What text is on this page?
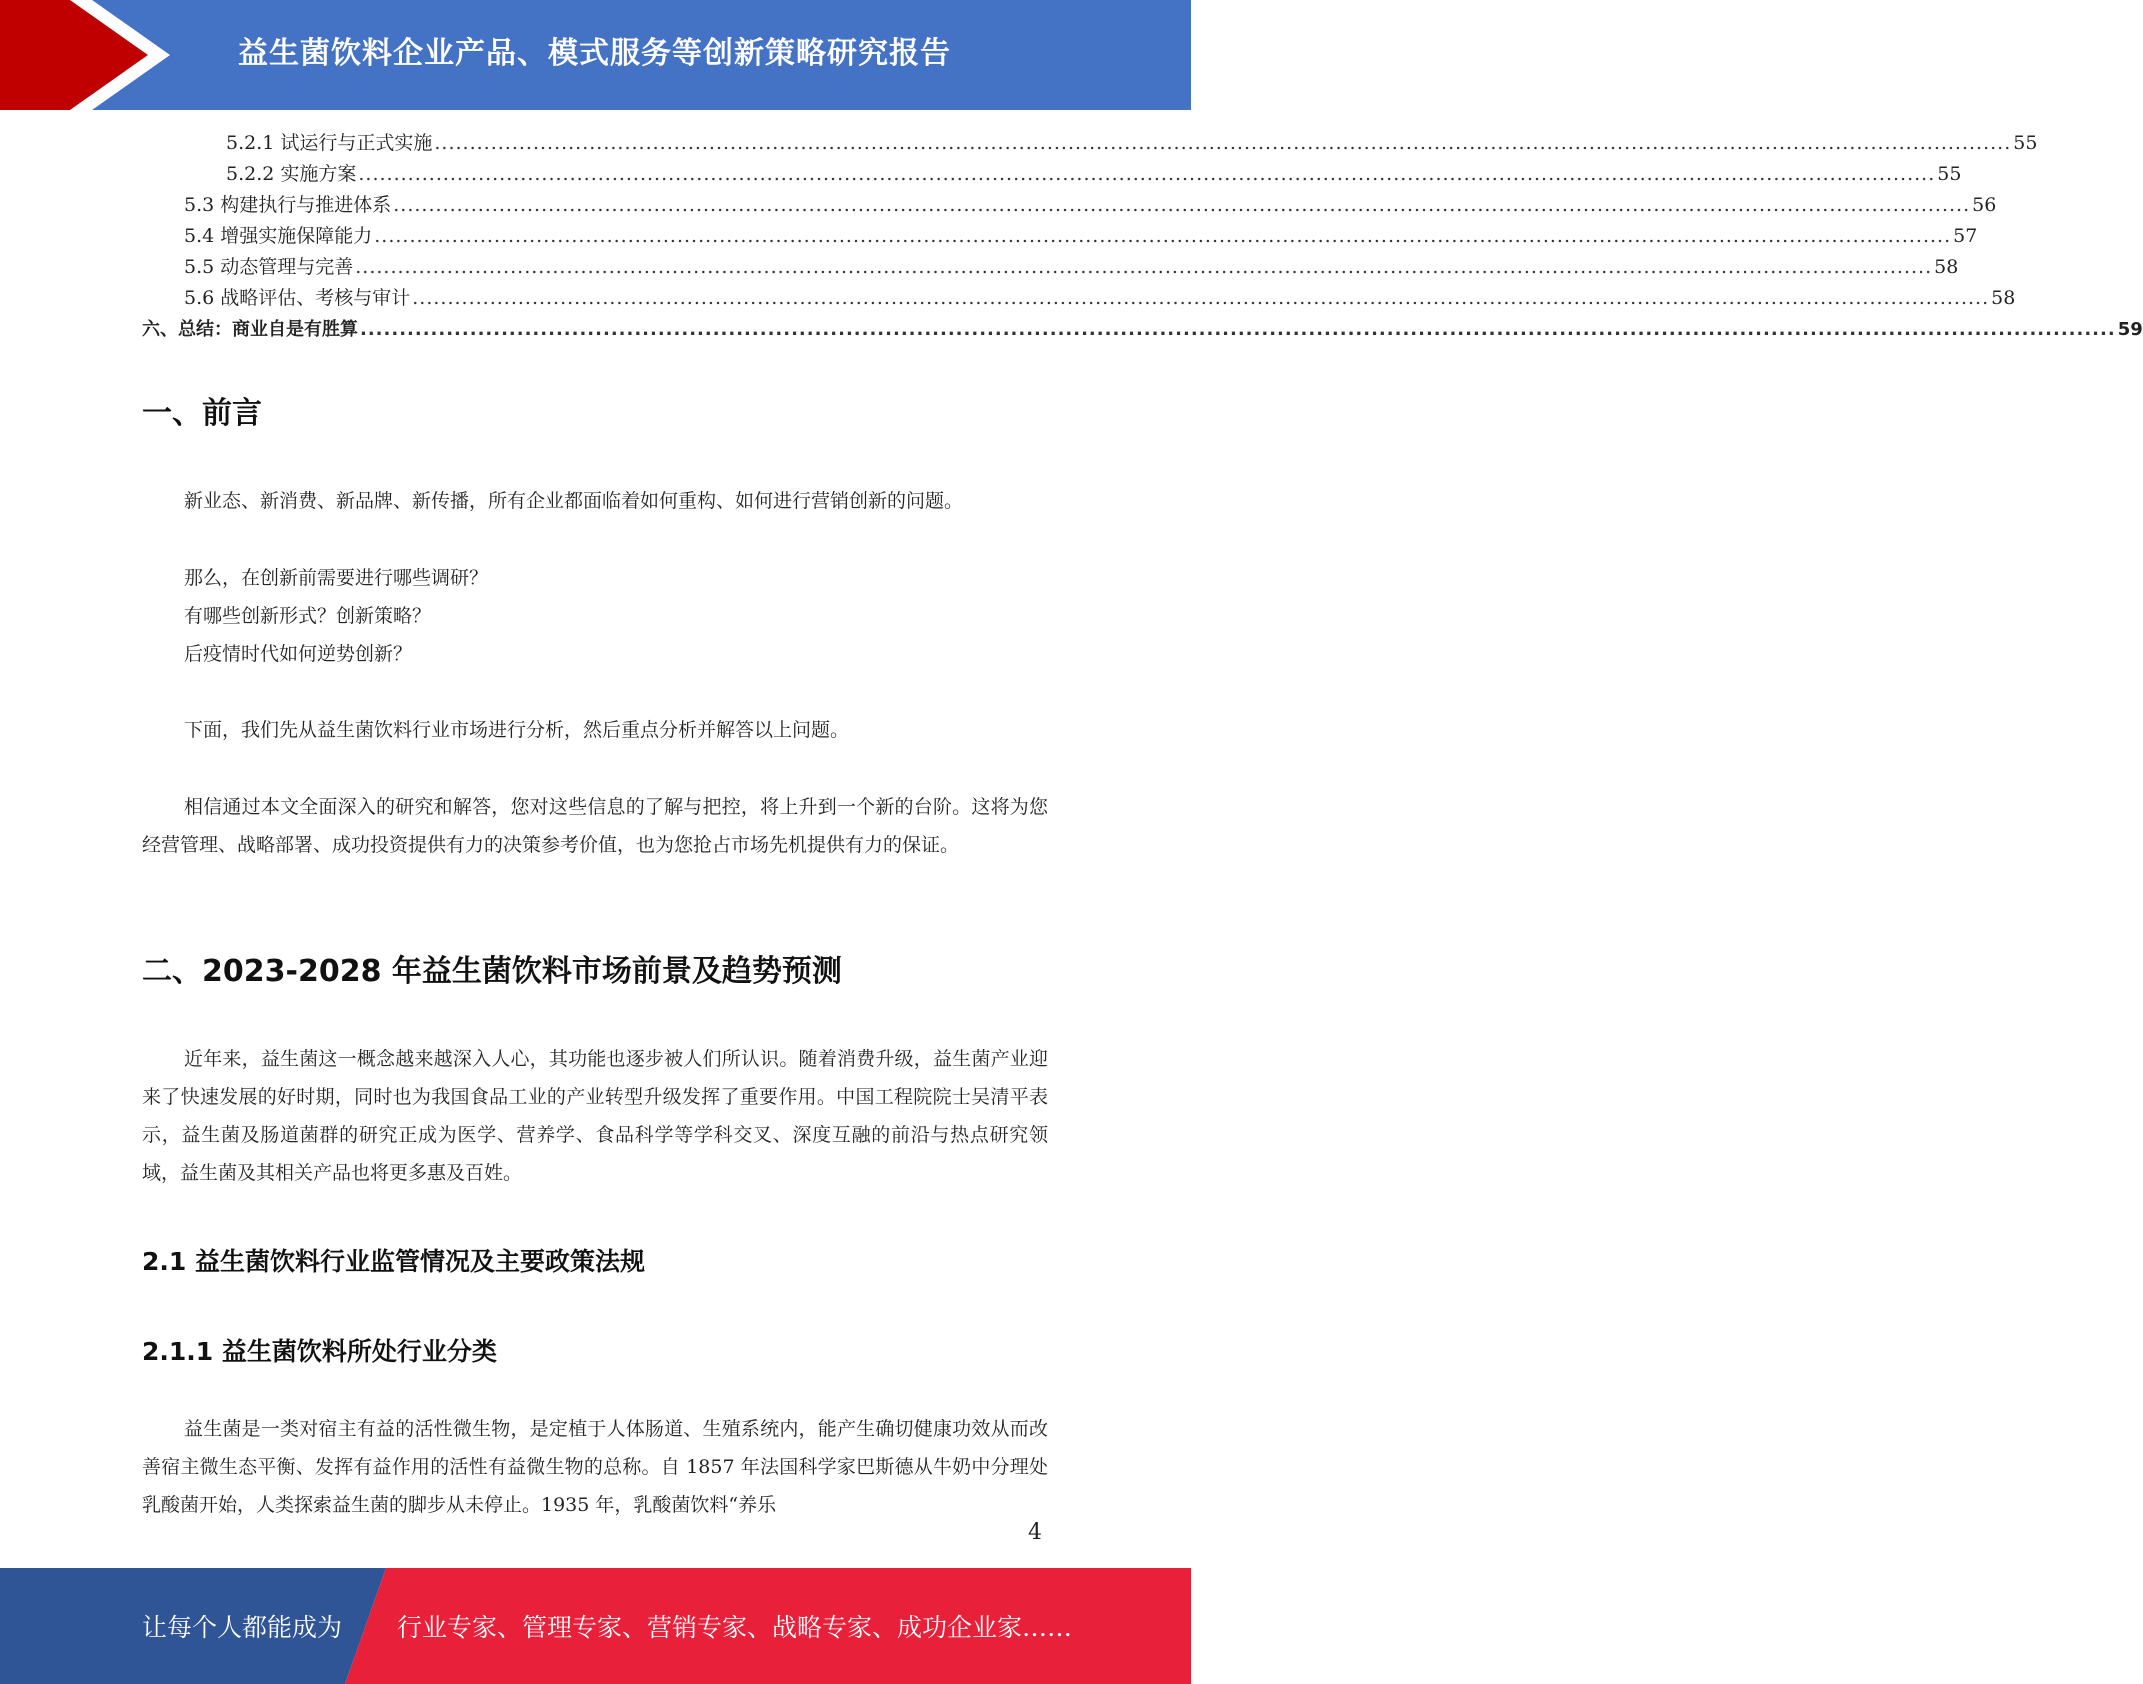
益生菌饮料企业产品、模式服务等创新策略研究报告
5.2.1 试运行与正式实施 ................................................................................................................................................................................................................................ 55
5.2.2 实施方案 ................................................................................................................................................................................................................................ 55
5.3 构建执行与推进体系 ................................................................................................................................................................................................................................ 56
5.4 增强实施保障能力 ................................................................................................................................................................................................................................ 57
5.5 动态管理与完善 ................................................................................................................................................................................................................................ 58
5.6 战略评估、考核与审计 ................................................................................................................................................................................................................................ 58
六、总结：商业自是有胜算 ................................................................................................................................................................................................................................ 59
一、前言
新业态、新消费、新品牌、新传播，所有企业都面临着如何重构、如何进行营销创新的问题。
那么，在创新前需要进行哪些调研？
有哪些创新形式？创新策略？
后疫情时代如何逆势创新？
下面，我们先从益生菌饮料行业市场进行分析，然后重点分析并解答以上问题。
相信通过本文全面深入的研究和解答，您对这些信息的了解与把控，将上升到一个新的台阶。这将为您经营管理、战略部署、成功投资提供有力的决策参考价值，也为您抢占市场先机提供有力的保证。
二、2023-2028 年益生菌饮料市场前景及趋势预测
近年来，益生菌这一概念越来越深入人心，其功能也逐步被人们所认识。随着消费升级，益生菌产业迎来了快速发展的好时期，同时也为我国食品工业的产业转型升级发挥了重要作用。中国工程院院士吴清平表示，益生菌及肠道菌群的研究正成为医学、营养学、食品科学等学科交叉、深度互融的前沿与热点研究领域，益生菌及其相关产品也将更多惠及百姓。
2.1 益生菌饮料行业监管情况及主要政策法规
2.1.1 益生菌饮料所处行业分类
益生菌是一类对宿主有益的活性微生物，是定植于人体肠道、生殖系统内，能产生确切健康功效从而改善宿主微生态平衡、发挥有益作用的活性有益微生物的总称。自 1857 年法国科学家巴斯德从牛奶中分理处乳酸菌开始，人类探索益生菌的脚步从未停止。1935 年，乳酸菌饮料“养乐
4
让每个人都能成为 行业专家、管理专家、营销专家、战略专家、成功企业家……
